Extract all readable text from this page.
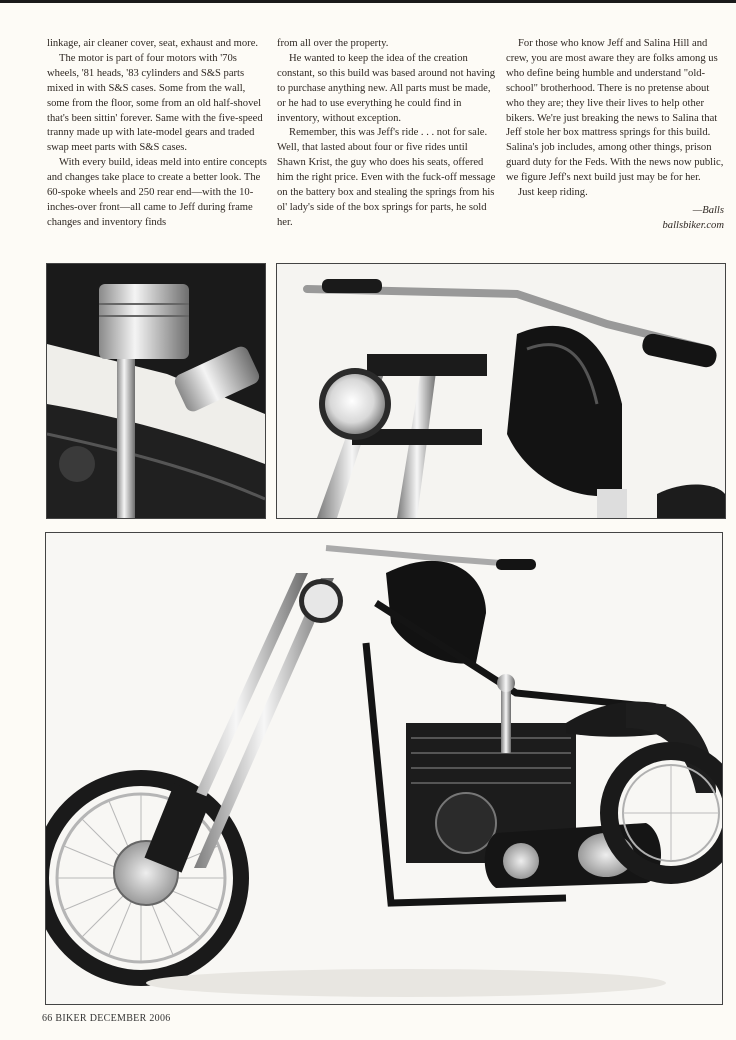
linkage, air cleaner cover, seat, exhaust and more.

The motor is part of four motors with '70s wheels, '81 heads, '83 cylinders and S&S parts mixed in with S&S cases. Some from the wall, some from the floor, some from an old half-shovel that's been sittin' forever. Same with the five-speed tranny made up with late-model gears and traded swap meet parts with S&S cases.

With every build, ideas meld into entire concepts and changes take place to create a better look. The 60-spoke wheels and 250 rear end—with the 10-inches-over front—all came to Jeff during frame changes and inventory finds

from all over the property.

He wanted to keep the idea of the creation constant, so this build was based around not having to purchase anything new. All parts must be made, or he had to use everything he could find in inventory, without exception.

Remember, this was Jeff's ride . . . not for sale. Well, that lasted about four or five rides until Shawn Krist, the guy who does his seats, offered him the right price. Even with the fuck-off message on the battery box and stealing the springs from his ol' lady's side of the box springs for parts, he sold her.

For those who know Jeff and Salina Hill and crew, you are most aware they are folks among us who define being humble and understand "old-school" brotherhood. There is no pretense about who they are; they live their lives to help other bikers. We're just breaking the news to Salina that Jeff stole her box mattress springs for this build. Salina's job includes, among other things, prison guard duty for the Feds. With the news now public, we figure Jeff's next build just may be for her.

Just keep riding.

—Balls
ballsbiker.com
66 BIKER DECEMBER 2006
